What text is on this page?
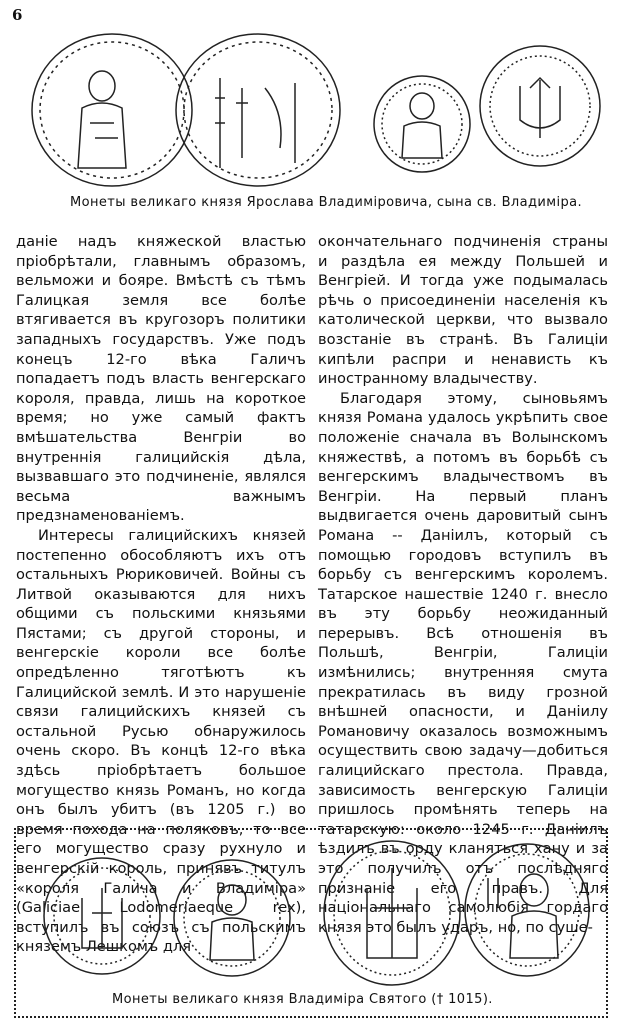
6
Монеты великаго князя Ярослава Владиміровича, сына св. Владиміра.

даніе надъ княжеской властью пріобрѣтали, главнымъ образомъ, вельможи и бояре. Вмѣстѣ съ тѣмъ Галицкая земля все болѣе втягивается въ кругозоръ политики западныхъ государствъ. Уже подъ конецъ 12-го вѣка Галичъ попадаетъ подъ власть венгерскаго короля, правда, лишь на короткое время; но уже самый фактъ вмѣшательства Венгріи во внутреннія галицийскія дѣла, вызвавшаго это подчиненіе, являлся весьма важнымъ предзнаменованіемъ.

Интересы галицийскихъ князей постепенно обособляютъ ихъ отъ остальныхъ Рюриковичей. Войны съ Литвой оказываются для нихъ общими съ польскими князьями Пястами; съ другой стороны, и венгерскіе короли все болѣе опредѣленно тяготѣютъ къ Галицийской землѣ. И это нарушеніе связи галицийскихъ князей съ остальной Русью обнаружилось очень скоро. Въ концѣ 12-го вѣка здѣсь пріобрѣтаетъ большое могущество князь Романъ, но когда онъ былъ убитъ (въ 1205 г.) во время похода на поляковъ, то все его могущество сразу рухнуло и венгерскій король, принявъ титулъ «короля Галича и Владиміра» (Galiciae Lodomeriaeque rex), вступилъ въ союзъ съ польскимъ княземъ Лешкомъ для

окончательнаго подчиненія страны и раздѣла ея между Польшей и Венгріей. И тогда уже подымалась рѣчь о присоединеніи населенія къ католической церкви, что вызвало возстаніе въ странѣ. Въ Галиціи кипѣли распри и ненависть къ иностранному владычеству.

Благодаря этому, сыновьямъ князя Романа удалось укрѣпить свое положеніе сначала въ Волынскомъ княжествѣ, а потомъ въ борьбѣ съ венгерскимъ владычествомъ въ Венгріи. На первый планъ выдвигается очень даровитый сынъ Романа -- Даніилъ, который съ помощью городовъ вступилъ въ борьбу съ венгерскимъ королемъ. Татарское нашествіе 1240 г. внесло въ эту борьбу неожиданный перерывъ. Всѣ отношенія въ Польшѣ, Венгріи, Галиціи измѣнились; внутренняя смута прекратилась въ виду грозной внѣшней опасности, и Даніилу Романовичу оказалось возможнымъ осуществить свою задачу—добиться галицийскаго престола. Правда, зависимость венгерскую Галиціи пришлось промѣнять теперь на татарскую: около 1245 г. Даніилъ ѣздилъ въ орду кланяться хану и за это получилъ отъ послѣдняго признаніе его правъ. Для національнаго самолюбія гордаго князя это былъ ударъ, но, по суше-

Монеты великаго князя Владиміра Святого († 1015).
